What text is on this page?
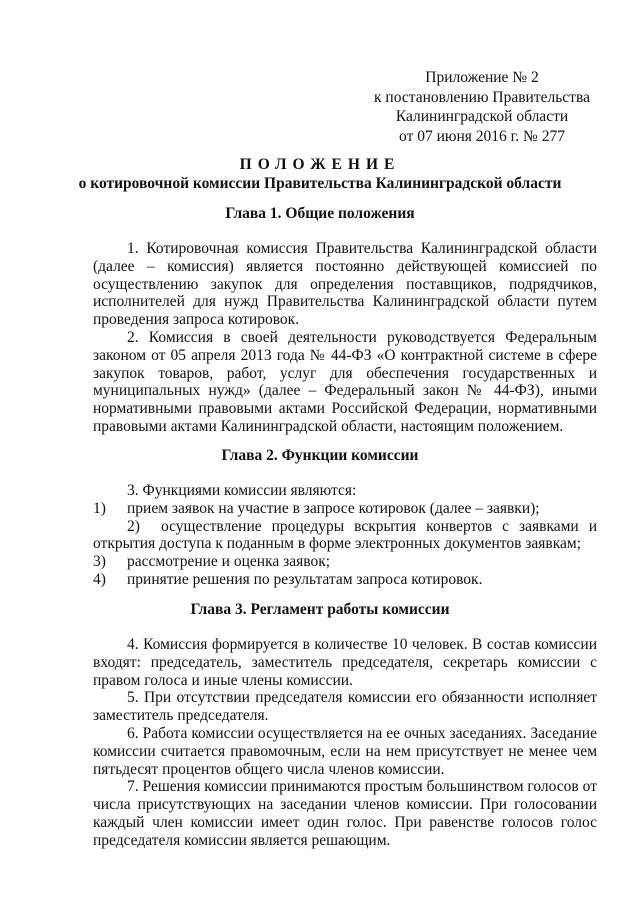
Приложение № 2
к постановлению Правительства
Калининградской области
от 07 июня 2016 г. № 277
ПОЛОЖЕНИЕ
о котировочной комиссии Правительства Калининградской области
Глава 1. Общие положения

1. Котировочная комиссия Правительства Калининградской области (далее – комиссия) является постоянно действующей комиссией по осуществлению закупок для определения поставщиков, подрядчиков, исполнителей для нужд Правительства Калининградской области путем проведения запроса котировок.

2. Комиссия в своей деятельности руководствуется Федеральным законом от 05 апреля 2013 года № 44-ФЗ «О контрактной системе в сфере закупок товаров, работ, услуг для обеспечения государственных и муниципальных нужд» (далее – Федеральный закон № 44-ФЗ), иными нормативными правовыми актами Российской Федерации, нормативными правовыми актами Калининградской области, настоящим положением.

Глава 2. Функции комиссии

3. Функциями комиссии являются:

1)	прием заявок на участие в запросе котировок (далее – заявки);

2) осуществление процедуры вскрытия конвертов с заявками и открытия доступа к поданным в форме электронных документов заявкам;

3)	рассмотрение и оценка заявок;

4)	принятие решения по результатам запроса котировок.

Глава 3. Регламент работы комиссии

4. Комиссия формируется в количестве 10 человек. В состав комиссии входят: председатель, заместитель председателя, секретарь комиссии с правом голоса и иные члены комиссии.

5. При отсутствии председателя комиссии его обязанности исполняет заместитель председателя.

6. Работа комиссии осуществляется на ее очных заседаниях. Заседание комиссии считается правомочным, если на нем присутствует не менее чем пятьдесят процентов общего числа членов комиссии.

7. Решения комиссии принимаются простым большинством голосов от числа присутствующих на заседании членов комиссии. При голосовании каждый член комиссии имеет один голос. При равенстве голосов голос председателя комиссии является решающим.
